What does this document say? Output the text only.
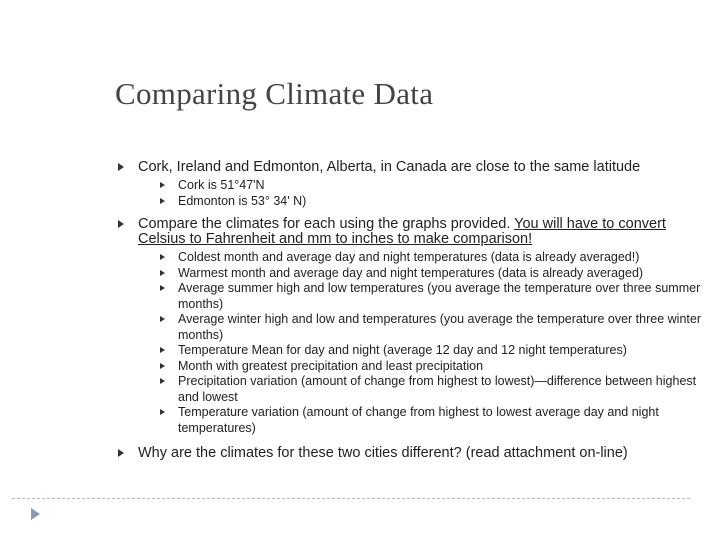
Comparing Climate Data
Cork, Ireland and Edmonton, Alberta, in Canada are close to the same latitude
Cork is 51°47'N
Edmonton is 53° 34' N)
Compare the climates for each using the graphs provided. You will have to convert Celsius to Fahrenheit and mm to inches to make comparison!
Coldest month and average day and night temperatures (data is already averaged!)
Warmest month and average day and night temperatures (data is already averaged)
Average summer high and low temperatures (you average the temperature over three summer months)
Average winter high and low and temperatures (you average the temperature over three winter months)
Temperature Mean for day and night (average 12 day and 12 night temperatures)
Month with greatest precipitation and least precipitation
Precipitation variation (amount of change from highest to lowest)—difference between highest and lowest
Temperature variation (amount of change from highest to lowest average day and night temperatures)
Why are the climates for these two cities different? (read attachment on-line)
